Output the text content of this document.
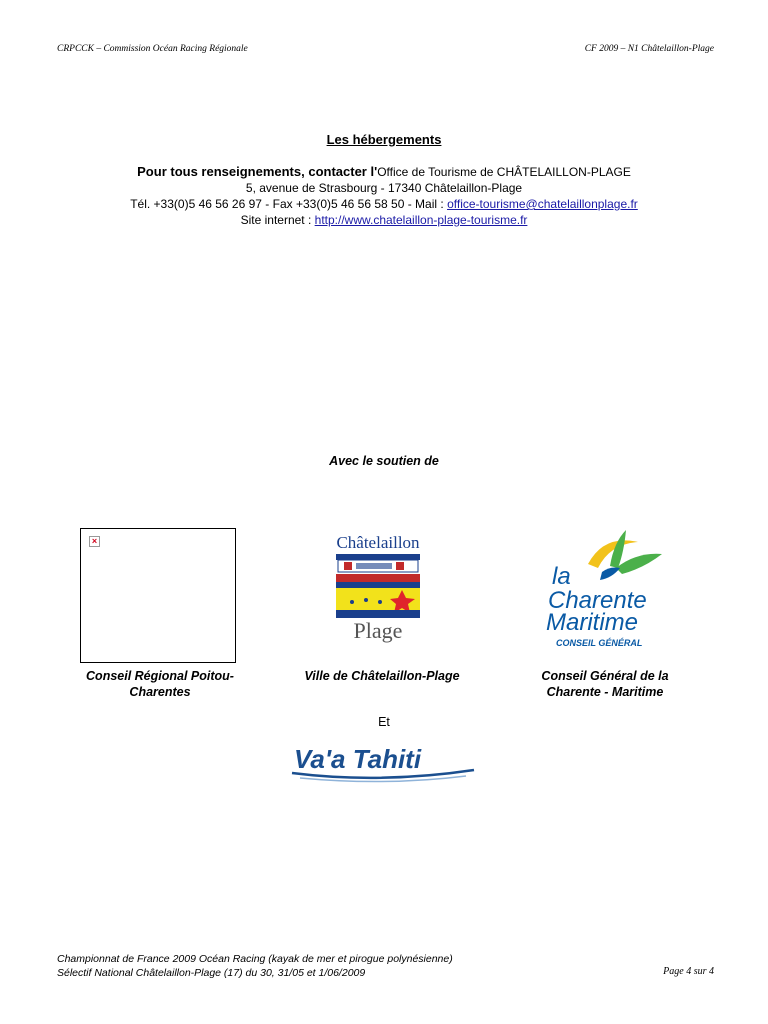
CRPCCK – Commission Océan Racing Régionale	CF 2009 – N1 Châtelaillon-Plage
Les hébergements
Pour tous renseignements, contacter l'Office de Tourisme de CHÂTELAILLON-PLAGE
5, avenue de Strasbourg - 17340 Châtelaillon-Plage
Tél. +33(0)5 46 56 26 97 - Fax +33(0)5 46 56 58 50 - Mail : office-tourisme@chatelaillonplage.fr
Site internet : http://www.chatelaillon-plage-tourisme.fr
Avec le soutien de
×	Châtelaillon
Plage
la
Charente
Maritime
CONSEIL GÉNÉRAL
Conseil Régional Poitou-
Charentes
Ville de Châtelaillon-Plage	Conseil Général de la
Charente - Maritime
Et
Va'a Tahiti
Championnat de France 2009 Océan Racing (kayak de mer et pirogue polynésienne)
Sélectif National Châtelaillon-Plage (17) du 30, 31/05 et 1/06/2009	Page 4 sur 4
